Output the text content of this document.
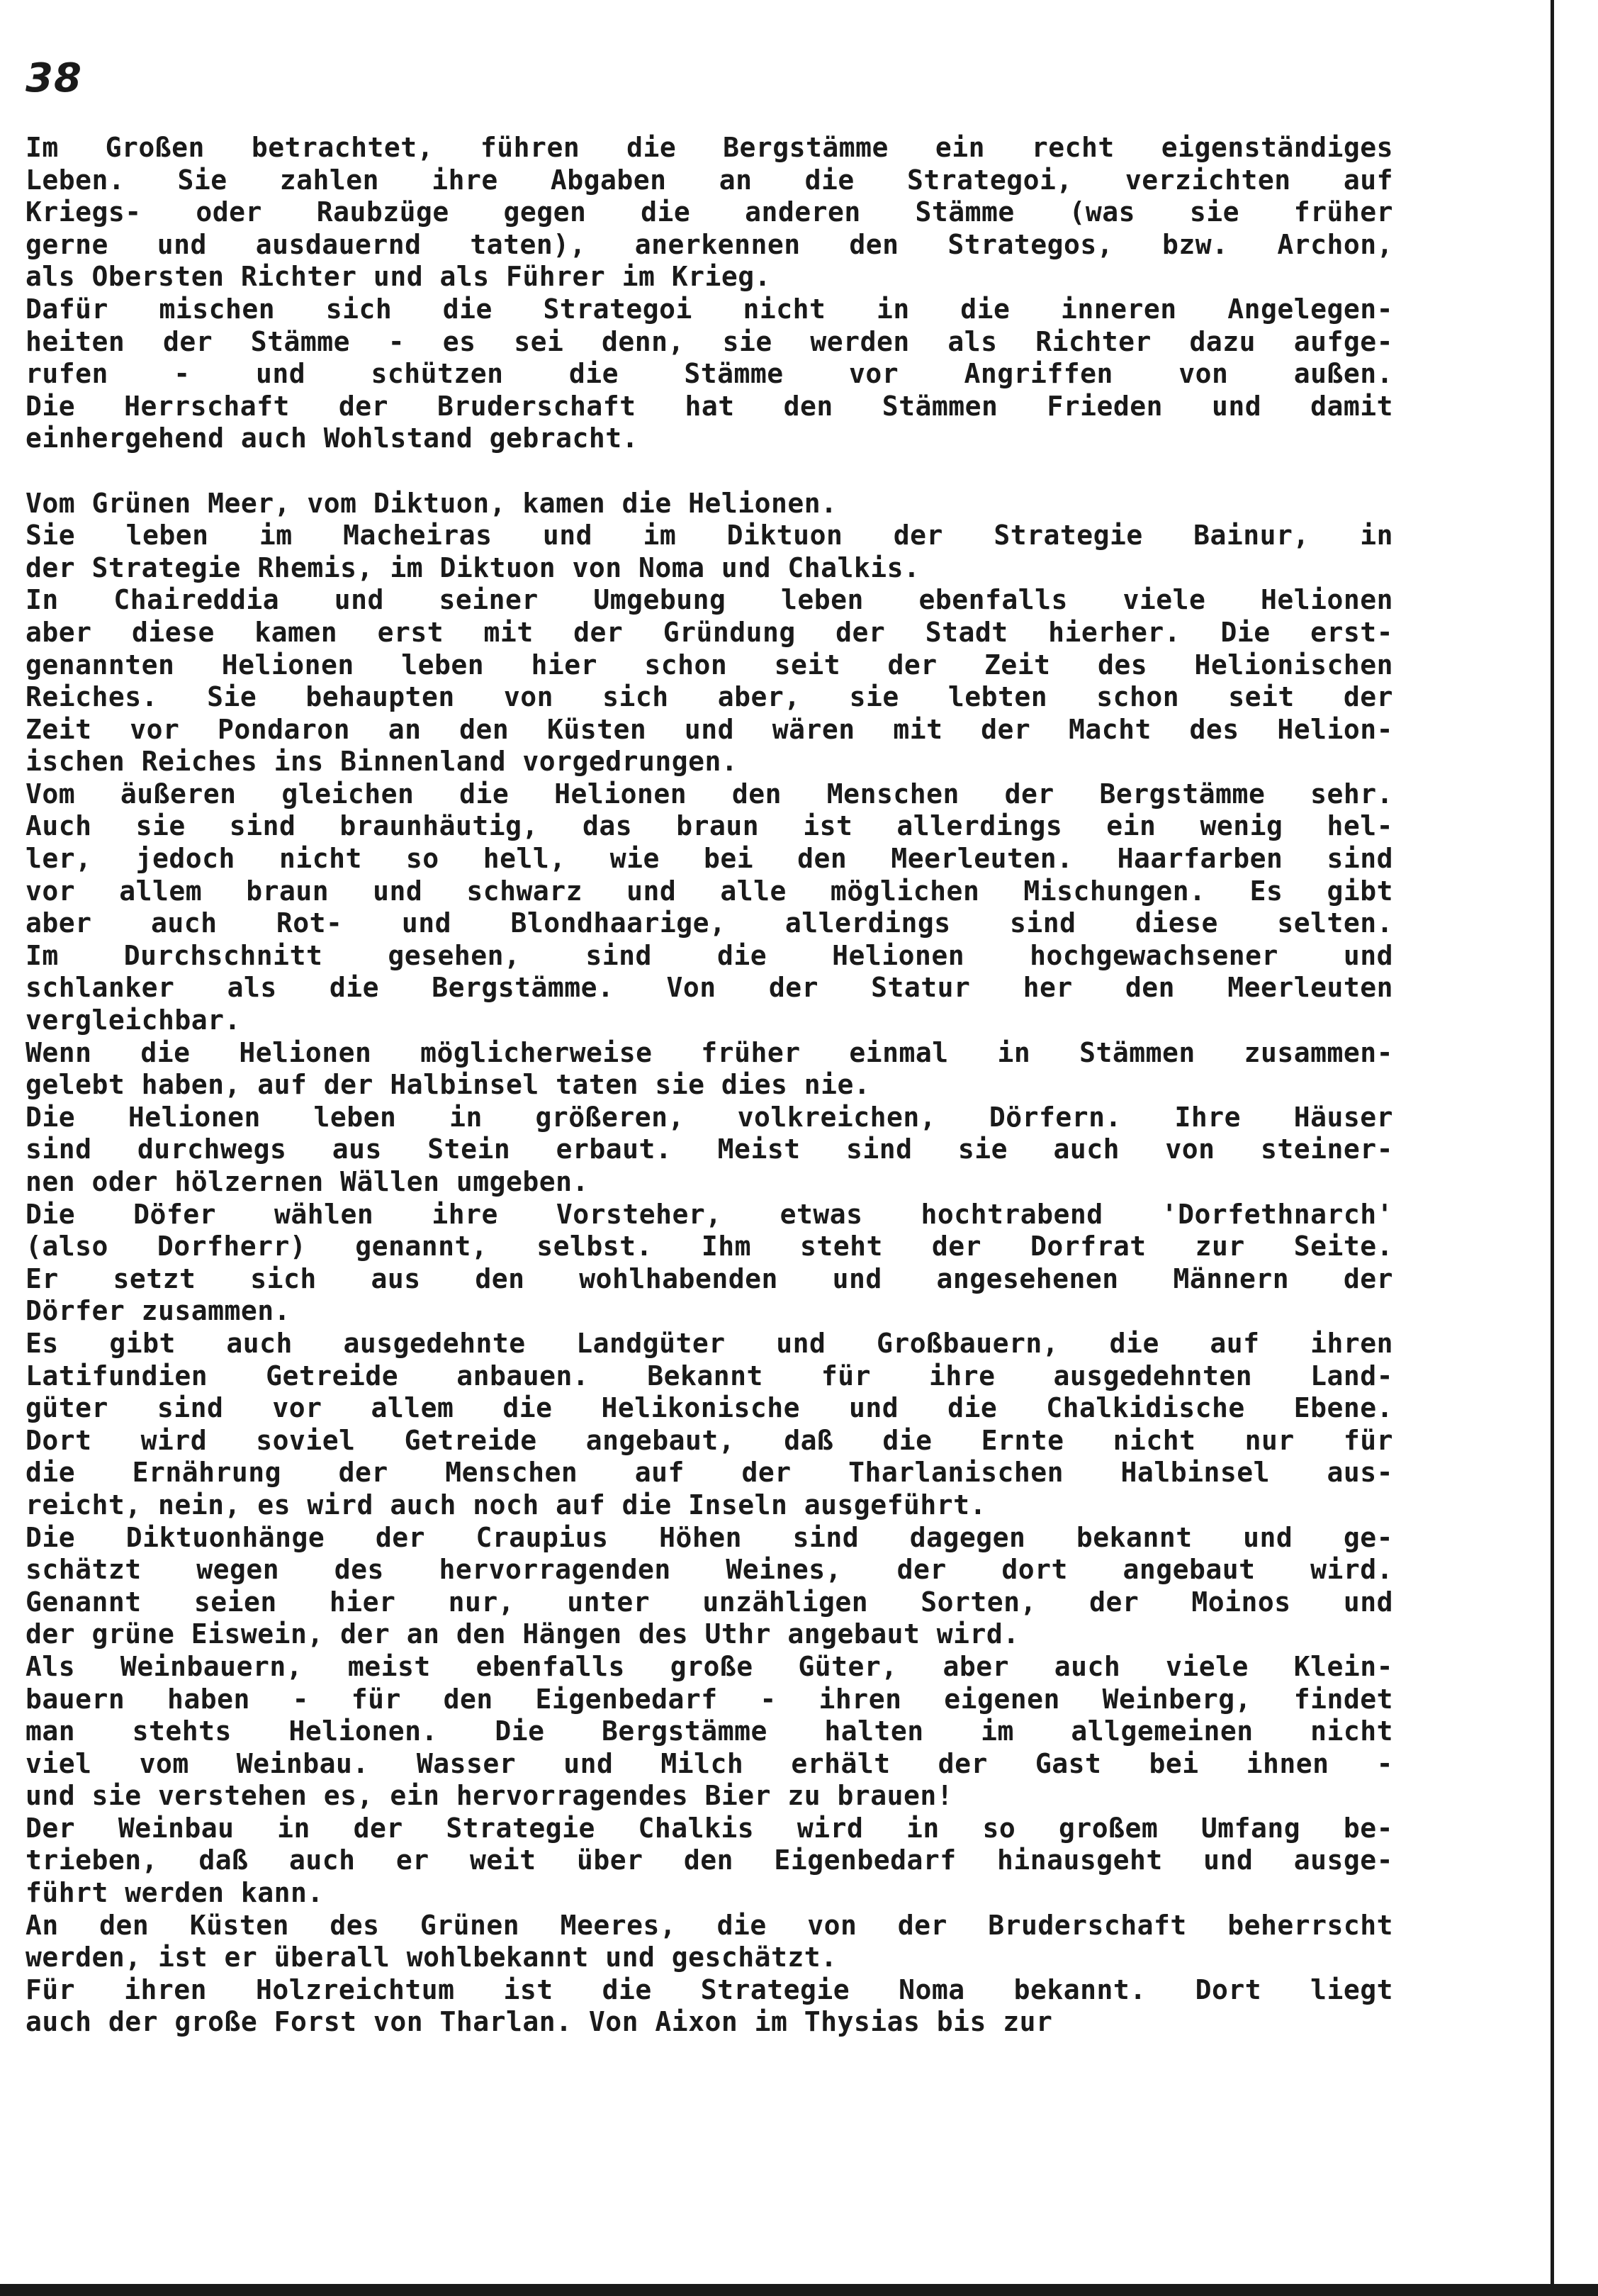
38
Im Großen betrachtet, führen die Bergstämme ein recht eigenständiges
Leben. Sie zahlen ihre Abgaben an die Strategoi, verzichten auf
Kriegs- oder Raubzüge gegen die anderen Stämme (was sie früher
gerne und ausdauernd taten), anerkennen den Strategos, bzw. Archon,
als Obersten Richter und als Führer im Krieg.
Dafür mischen sich die Strategoi nicht in die inneren Angelegen-
heiten der Stämme - es sei denn, sie werden als Richter dazu aufge-
rufen - und schützen die Stämme vor Angriffen von außen.
Die Herrschaft der Bruderschaft hat den Stämmen Frieden und damit
einhergehend auch Wohlstand gebracht.
Vom Grünen Meer, vom Diktuon, kamen die Helionen.
Sie leben im Macheiras und im Diktuon der Strategie Bainur, in
der Strategie Rhemis, im Diktuon von Noma und Chalkis.
In Chaireddia und seiner Umgebung leben ebenfalls viele Helionen
aber diese kamen erst mit der Gründung der Stadt hierher. Die erst-
genannten Helionen leben hier schon seit der Zeit des Helionischen
Reiches. Sie behaupten von sich aber, sie lebten schon seit der
Zeit vor Pondaron an den Küsten und wären mit der Macht des Helion-
ischen Reiches ins Binnenland vorgedrungen.
Vom äußeren gleichen die Helionen den Menschen der Bergstämme sehr.
Auch sie sind braunhäutig, das braun ist allerdings ein wenig hel-
ler, jedoch nicht so hell, wie bei den Meerleuten. Haarfarben sind
vor allem braun und schwarz und alle möglichen Mischungen. Es gibt
aber auch Rot- und Blondhaarige, allerdings sind diese selten.
Im Durchschnitt gesehen, sind die Helionen hochgewachsener und
schlanker als die Bergstämme. Von der Statur her den Meerleuten
vergleichbar.
Wenn die Helionen möglicherweise früher einmal in Stämmen zusammen-
gelebt haben, auf der Halbinsel taten sie dies nie.
Die Helionen leben in größeren, volkreichen, Dörfern. Ihre Häuser
sind durchwegs aus Stein erbaut. Meist sind sie auch von steiner-
nen oder hölzernen Wällen umgeben.
Die Döfer wählen ihre Vorsteher, etwas hochtrabend 'Dorfethnarch'
(also Dorfherr) genannt, selbst. Ihm steht der Dorfrat zur Seite.
Er setzt sich aus den wohlhabenden und angesehenen Männern der
Dörfer zusammen.
Es gibt auch ausgedehnte Landgüter und Großbauern, die auf ihren
Latifundien Getreide anbauen. Bekannt für ihre ausgedehnten Land-
güter sind vor allem die Helikonische und die Chalkidische Ebene.
Dort wird soviel Getreide angebaut, daß die Ernte nicht nur für
die Ernährung der Menschen auf der Tharlanischen Halbinsel aus-
reicht, nein, es wird auch noch auf die Inseln ausgeführt.
Die Diktuonhänge der Craupius Höhen sind dagegen bekannt und ge-
schätzt wegen des hervorragenden Weines, der dort angebaut wird.
Genannt seien hier nur, unter unzähligen Sorten, der Moinos und
der grüne Eiswein, der an den Hängen des Uthr angebaut wird.
Als Weinbauern, meist ebenfalls große Güter, aber auch viele Klein-
bauern haben - für den Eigenbedarf - ihren eigenen Weinberg, findet
man stehts Helionen. Die Bergstämme halten im allgemeinen nicht
viel vom Weinbau. Wasser und Milch erhält der Gast bei ihnen -
und sie verstehen es, ein hervorragendes Bier zu brauen!
Der Weinbau in der Strategie Chalkis wird in so großem Umfang be-
trieben, daß auch er weit über den Eigenbedarf hinausgeht und ausge-
führt werden kann.
An den Küsten des Grünen Meeres, die von der Bruderschaft beherrscht
werden, ist er überall wohlbekannt und geschätzt.
Für ihren Holzreichtum ist die Strategie Noma bekannt. Dort liegt
auch der große Forst von Tharlan. Von Aixon im Thysias bis zur
